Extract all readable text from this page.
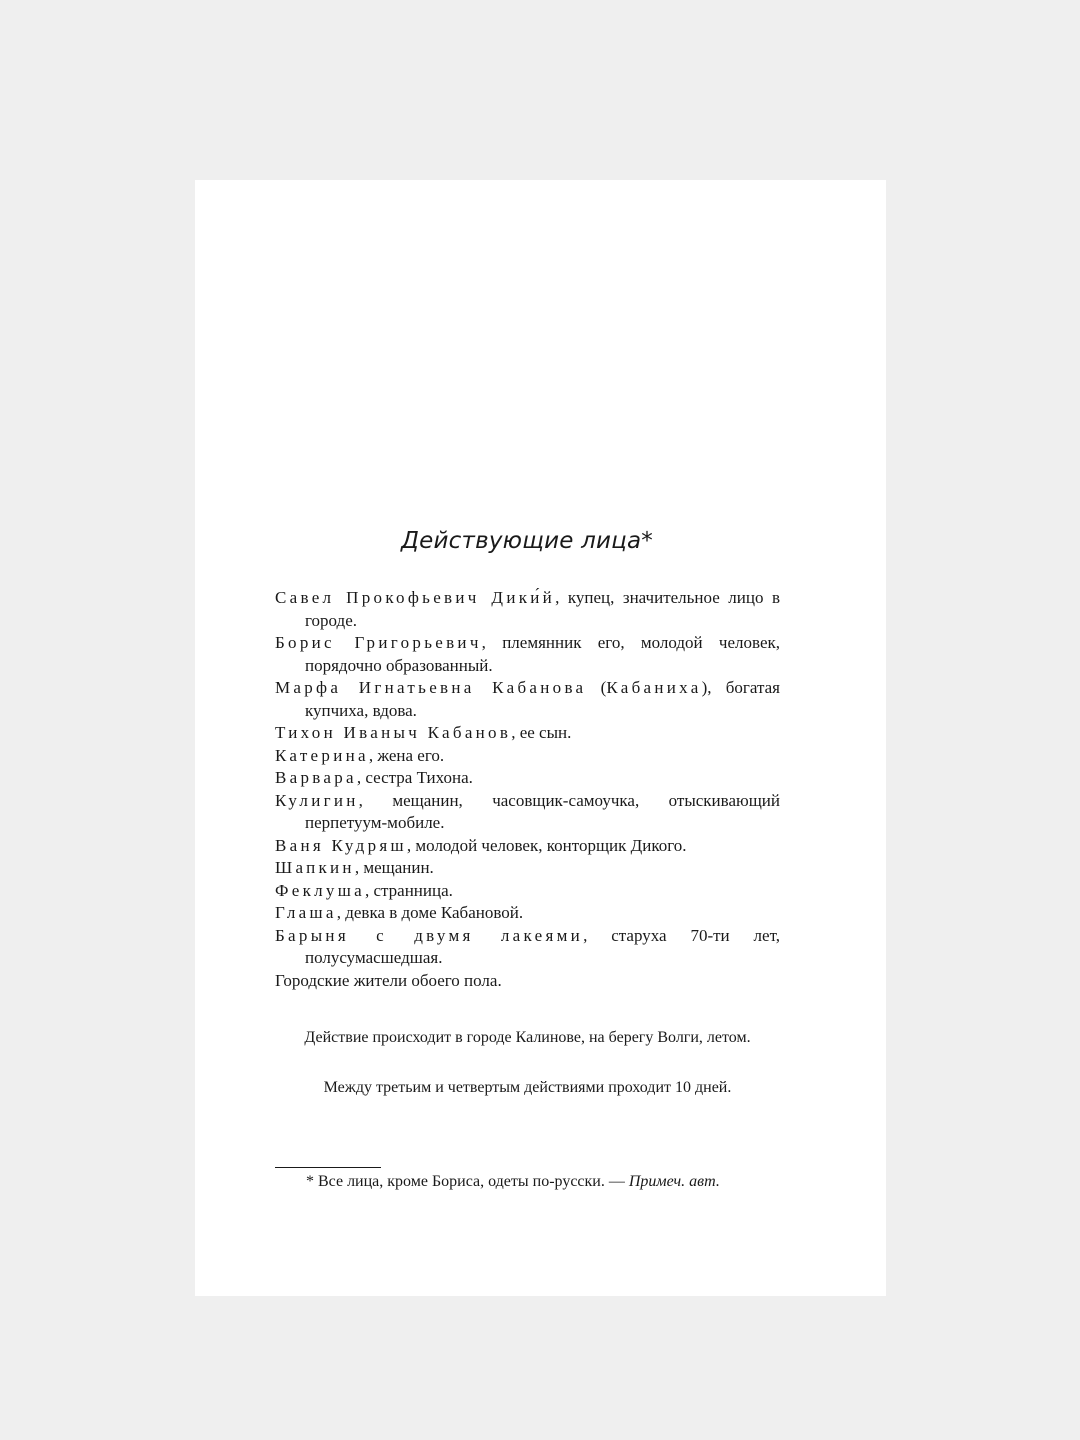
Действующие лица*

Савел Прокофьевич Дики́й, купец, значительное лицо в городе.

Борис Григорьевич, племянник его, молодой человек, порядочно образованный.

Марфа Игнатьевна Кабанова (Кабаниха), богатая купчиха, вдова.

Тихон Иваныч Кабанов, ее сын.

Катерина, жена его.

Варвара, сестра Тихона.

Кулигин, мещанин, часовщик-самоучка, отыскивающий перпетуум-мобиле.

Ваня Кудряш, молодой человек, конторщик Дикого.

Шапкин, мещанин.

Феклуша, странница.

Глаша, девка в доме Кабановой.

Барыня с двумя лакеями, старуха 70-ти лет, полусумасшедшая.

Городские жители обоего пола.

Действие происходит в городе Калинове, на берегу Волги, летом.
Между третьим и четвертым действиями проходит 10 дней.
* Все лица, кроме Бориса, одеты по-русски. — Примеч. авт.
